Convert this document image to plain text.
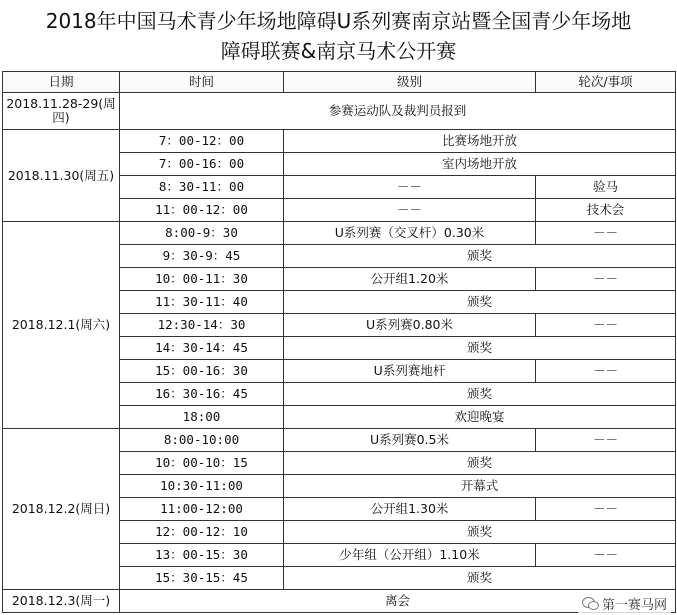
2018年中国马术青少年场地障碍U系列赛南京站暨全国青少年场地
障碍联赛&南京马术公开赛
日期	时间	级别	轮次/事项
2018.11.28-29(周四)	参赛运动队及裁判员报到		
2018.11.30(周五)	7：00-12：00	比赛场地开放	
	7：00-16：00	室内场地开放	
	8：30-11：00	－－	验马
	11：00-12：00	－－	技术会
2018.12.1(周六)	8:00-9：30	U系列赛（交叉杆）0.30米	－－
	9：30-9：45	颁奖	
	10：00-11：30	公开组1.20米	－－
	11：30-11：40	颁奖	
	12:30-14：30	U系列赛0.80米	－－
	14：30-14：45	颁奖	
	15：00-16：30	U系列赛地杆	－－
	16：30-16：45	颁奖	
	18:00	欢迎晚宴	
2018.12.2(周日)	8:00-10:00	U系列赛0.5米	－－
	10：00-10：15	颁奖	
	10:30-11:00	开幕式	
	11:00-12:00	公开组1.30米	－－
	12：00-12：10	颁奖	
	13：00-15：30	少年组（公开组）1.10米	－－
	15：30-15：45	颁奖	
2018.12.3(周一)	离会			第一赛马网
